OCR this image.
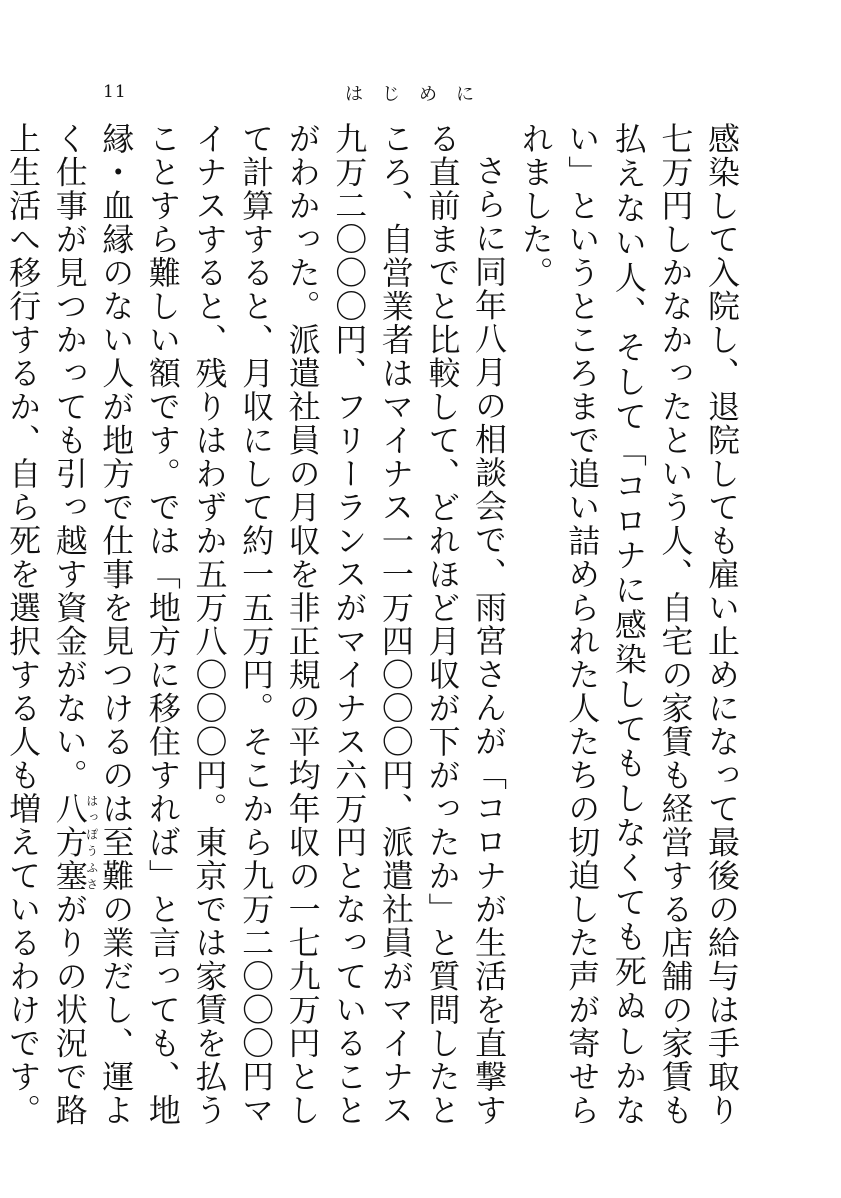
11	はじめに

感染して入院し、退院しても雇い止めになって最後の給与は手取り七万円しかなかったという人、自宅の家賃も経営する店舗の家賃も払えない人、そして「コロナに感染してもしなくても死ぬしかない」というところまで追い詰められた人たちの切迫した声が寄せられました。

さらに同年八月の相談会で、雨宮さんが「コロナが生活を直撃する直前までと比較して、どれほど月収が下がったか」と質問したところ、自営業者はマイナス一一万四〇〇〇円、派遣社員がマイナス九万二〇〇〇円、フリーランスがマイナス六万円となっていることがわかった。派遣社員の月収を非正規の平均年収の一七九万円として計算すると、月収にして約一五万円。そこから九万二〇〇〇円マイナスすると、残りはわずか五万八〇〇〇円。東京では家賃を払うことすら難しい額です。では「地方に移住すれば」と言っても、地縁・血縁のない人が地方で仕事を見つけるのは至難の業だし、運よく仕事が見つかっても引っ越す資金がない。八方塞はっぽうふさがりの状況で路上生活へ移行するか、自ら死を選択する人も増えているわけです。
